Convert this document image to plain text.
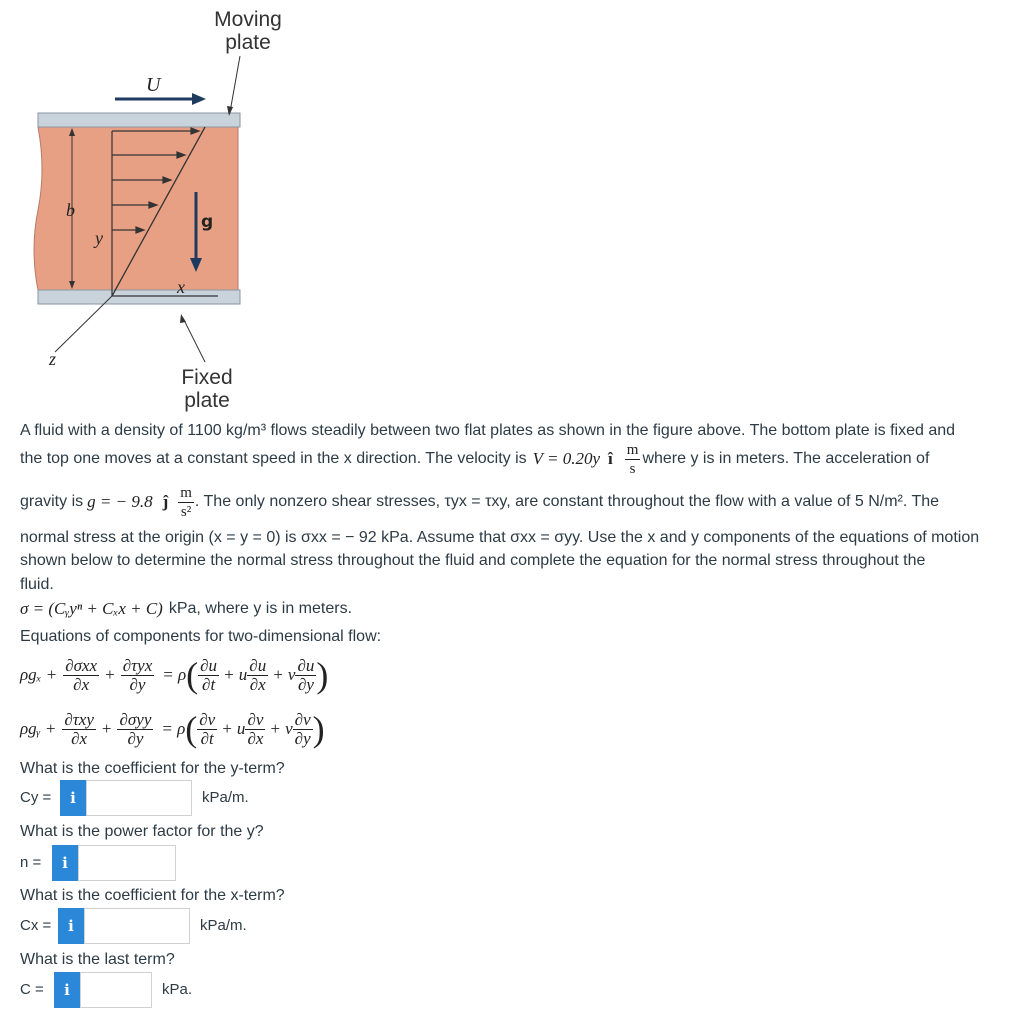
Moving
plate
Fixed
plate
U
b
y
x
z
g
A fluid with a density of 1100 kg/m³ flows steadily between two flat plates as shown in the figure above. The bottom plate is fixed and
the top one moves at a constant speed in the x direction. The velocity is V = 0.20y î $\frac{m}{s}$ where y is in meters. The acceleration of
gravity is g = − 9.8 ĵ $\frac{m}{\text{s²}}$ . The only nonzero shear stresses, τyx = τxy, are constant throughout the flow with a value of 5 N/m². The
normal stress at the origin (x = y = 0) is σxx = − 92 kPa. Assume that σxx = σyy. Use the x and y components of the equations of motion
shown below to determine the normal stress throughout the fluid and complete the equation for the normal stress throughout the
fluid.
σ = (Cᵧyⁿ + Cₓx + C) kPa, where y is in meters.
Equations of components for two-dimensional flow:
$\rho g_x + \frac{\text{∂σxx}}{\partial x} + \frac{\text{∂τyx}}{\partial y} = \rho$ ( $\frac{\partial u}{\partial t} + u \frac{\partial u}{\partial x} + v \frac{\partial u}{\partial y}$ )
ρgᵧ + $\frac{\text{∂τxy}}{\partial x} + \frac{\text{∂σyy}}{\partial y} = \rho$ ( $\frac{\partial v}{\partial t} + u \frac{\partial v}{\partial x} + v \frac{\partial v}{\partial y}$ )
What is the coefficient for the y-term?
Cy =	i	kPa/m.
What is the power factor for the y?
n =	i
What is the coefficient for the x-term?
Cx =	i	kPa/m.
What is the last term?
C =	i	kPa.
